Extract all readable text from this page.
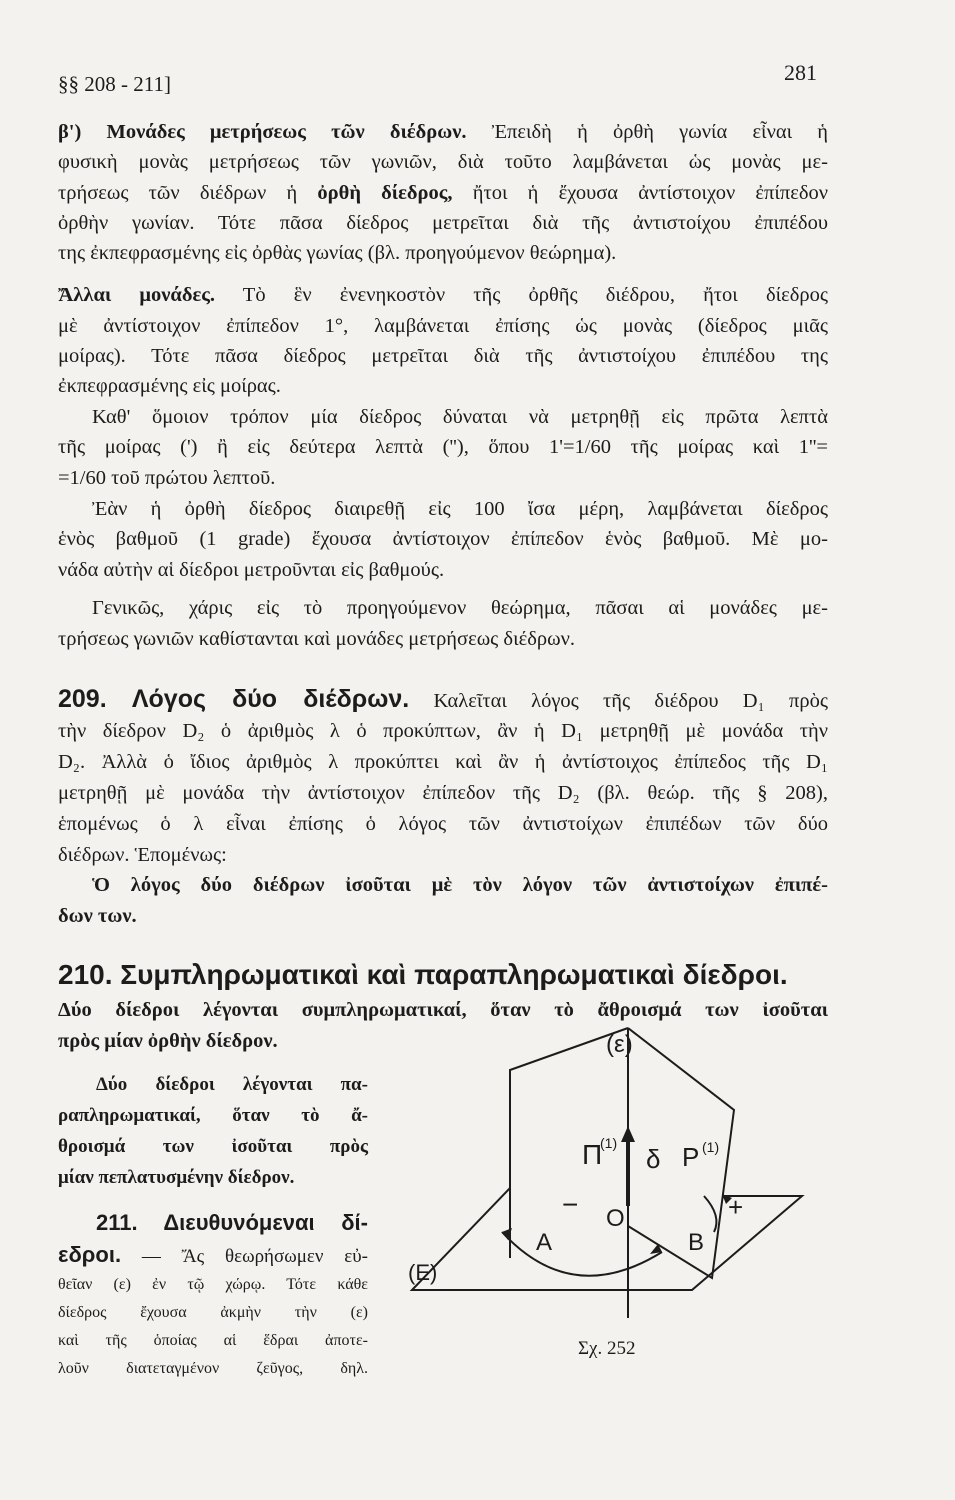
§§ 208 - 211]	281
β') Μονάδες μετρήσεως τῶν διέδρων. Ἐπειδὴ ἡ ὀρθὴ γωνία εἶναι ἡ
φυσικὴ μονὰς μετρήσεως τῶν γωνιῶν, διὰ τοῦτο λαμβάνεται ὡς μονὰς με-
τρήσεως τῶν διέδρων ἡ ὀρθὴ δίεδρος, ἤτοι ἡ ἔχουσα ἀντίστοιχον ἐπίπεδον
ὀρθὴν γωνίαν. Τότε πᾶσα δίεδρος μετρεῖται διὰ τῆς ἀντιστοίχου ἐπιπέδου
της ἐκπεφρασμένης εἰς ὀρθὰς γωνίας (βλ. προηγούμενον θεώρημα).
Ἄλλαι μονάδες. Τὸ ἓν ἐνενηκοστὸν τῆς ὀρθῆς διέδρου, ἤτοι δίεδρος
μὲ ἀντίστοιχον ἐπίπεδον 1°, λαμβάνεται ἐπίσης ὡς μονὰς (δίεδρος μιᾶς
μοίρας). Τότε πᾶσα δίεδρος μετρεῖται διὰ τῆς ἀντιστοίχου ἐπιπέδου της
ἐκπεφρασμένης εἰς μοίρας.
Καθ' ὅμοιον τρόπον μία δίεδρος δύναται νὰ μετρηθῇ εἰς πρῶτα λεπτὰ
τῆς μοίρας (') ἢ εἰς δεύτερα λεπτὰ (''), ὅπου 1'=1/60 τῆς μοίρας καὶ 1''=
=1/60 τοῦ πρώτου λεπτοῦ.
Ἐὰν ἡ ὀρθὴ δίεδρος διαιρεθῇ εἰς 100 ἴσα μέρη, λαμβάνεται δίεδρος
ἑνὸς βαθμοῦ (1 grade) ἔχουσα ἀντίστοιχον ἐπίπεδον ἑνὸς βαθμοῦ. Μὲ μο-
νάδα αὐτὴν αἱ δίεδροι μετροῦνται εἰς βαθμούς.
Γενικῶς, χάρις εἰς τὸ προηγούμενον θεώρημα, πᾶσαι αἱ μονάδες με-
τρήσεως γωνιῶν καθίστανται καὶ μονάδες μετρήσεως διέδρων.
209. Λόγος δύο διέδρων. Καλεῖται λόγος τῆς διέδρου D₁ πρὸς
τὴν δίεδρον D₂ ὁ ἀριθμὸς λ ὁ προκύπτων, ἂν ἡ D₁ μετρηθῇ μὲ μονάδα τὴν
D₂. Ἀλλὰ ὁ ἴδιος ἀριθμὸς λ προκύπτει καὶ ἂν ἡ ἀντίστοιχος ἐπίπεδος τῆς D₁
μετρηθῇ μὲ μονάδα τὴν ἀντίστοιχον ἐπίπεδον τῆς D₂ (βλ. θεώρ. τῆς § 208),
ἑπομένως ὁ λ εἶναι ἐπίσης ὁ λόγος τῶν ἀντιστοίχων ἐπιπέδων τῶν δύο
διέδρων. Ἑπομένως:
Ὁ λόγος δύο διέδρων ἰσοῦται μὲ τὸν λόγον τῶν ἀντιστοίχων ἐπιπέ-
δων των.
210. Συμπληρωματικαὶ καὶ παραπληρωματικαὶ δίεδροι.
Δύο δίεδροι λέγονται συμπληρωματικαί, ὅταν τὸ ἄθροισμά των ἰσοῦται
πρὸς μίαν ὀρθὴν δίεδρον.
Δύο δίεδροι λέγονται πα-
ραπληρωματικαί, ὅταν τὸ ἄ-
θροισμά των ἰσοῦται πρὸς
μίαν πεπλατυσμένην δίεδρον.
211. Διευθυνόμεναι δί-
εδροι. — Ἄς θεωρήσωμεν εὐ-
θεῖαν (ε) ἐν τῷ χώρῳ. Τότε κάθε
δίεδρος ἔχουσα ἀκμὴν τὴν (ε)
καὶ τῆς ὁποίας αἱ ἕδραι ἀποτε-
λοῦν διατεταγμένον ζεῦγος, δηλ.
(ε)
Π
(1)
δ P (1)
O
A	B
(E)
−	+
Σχ. 252
